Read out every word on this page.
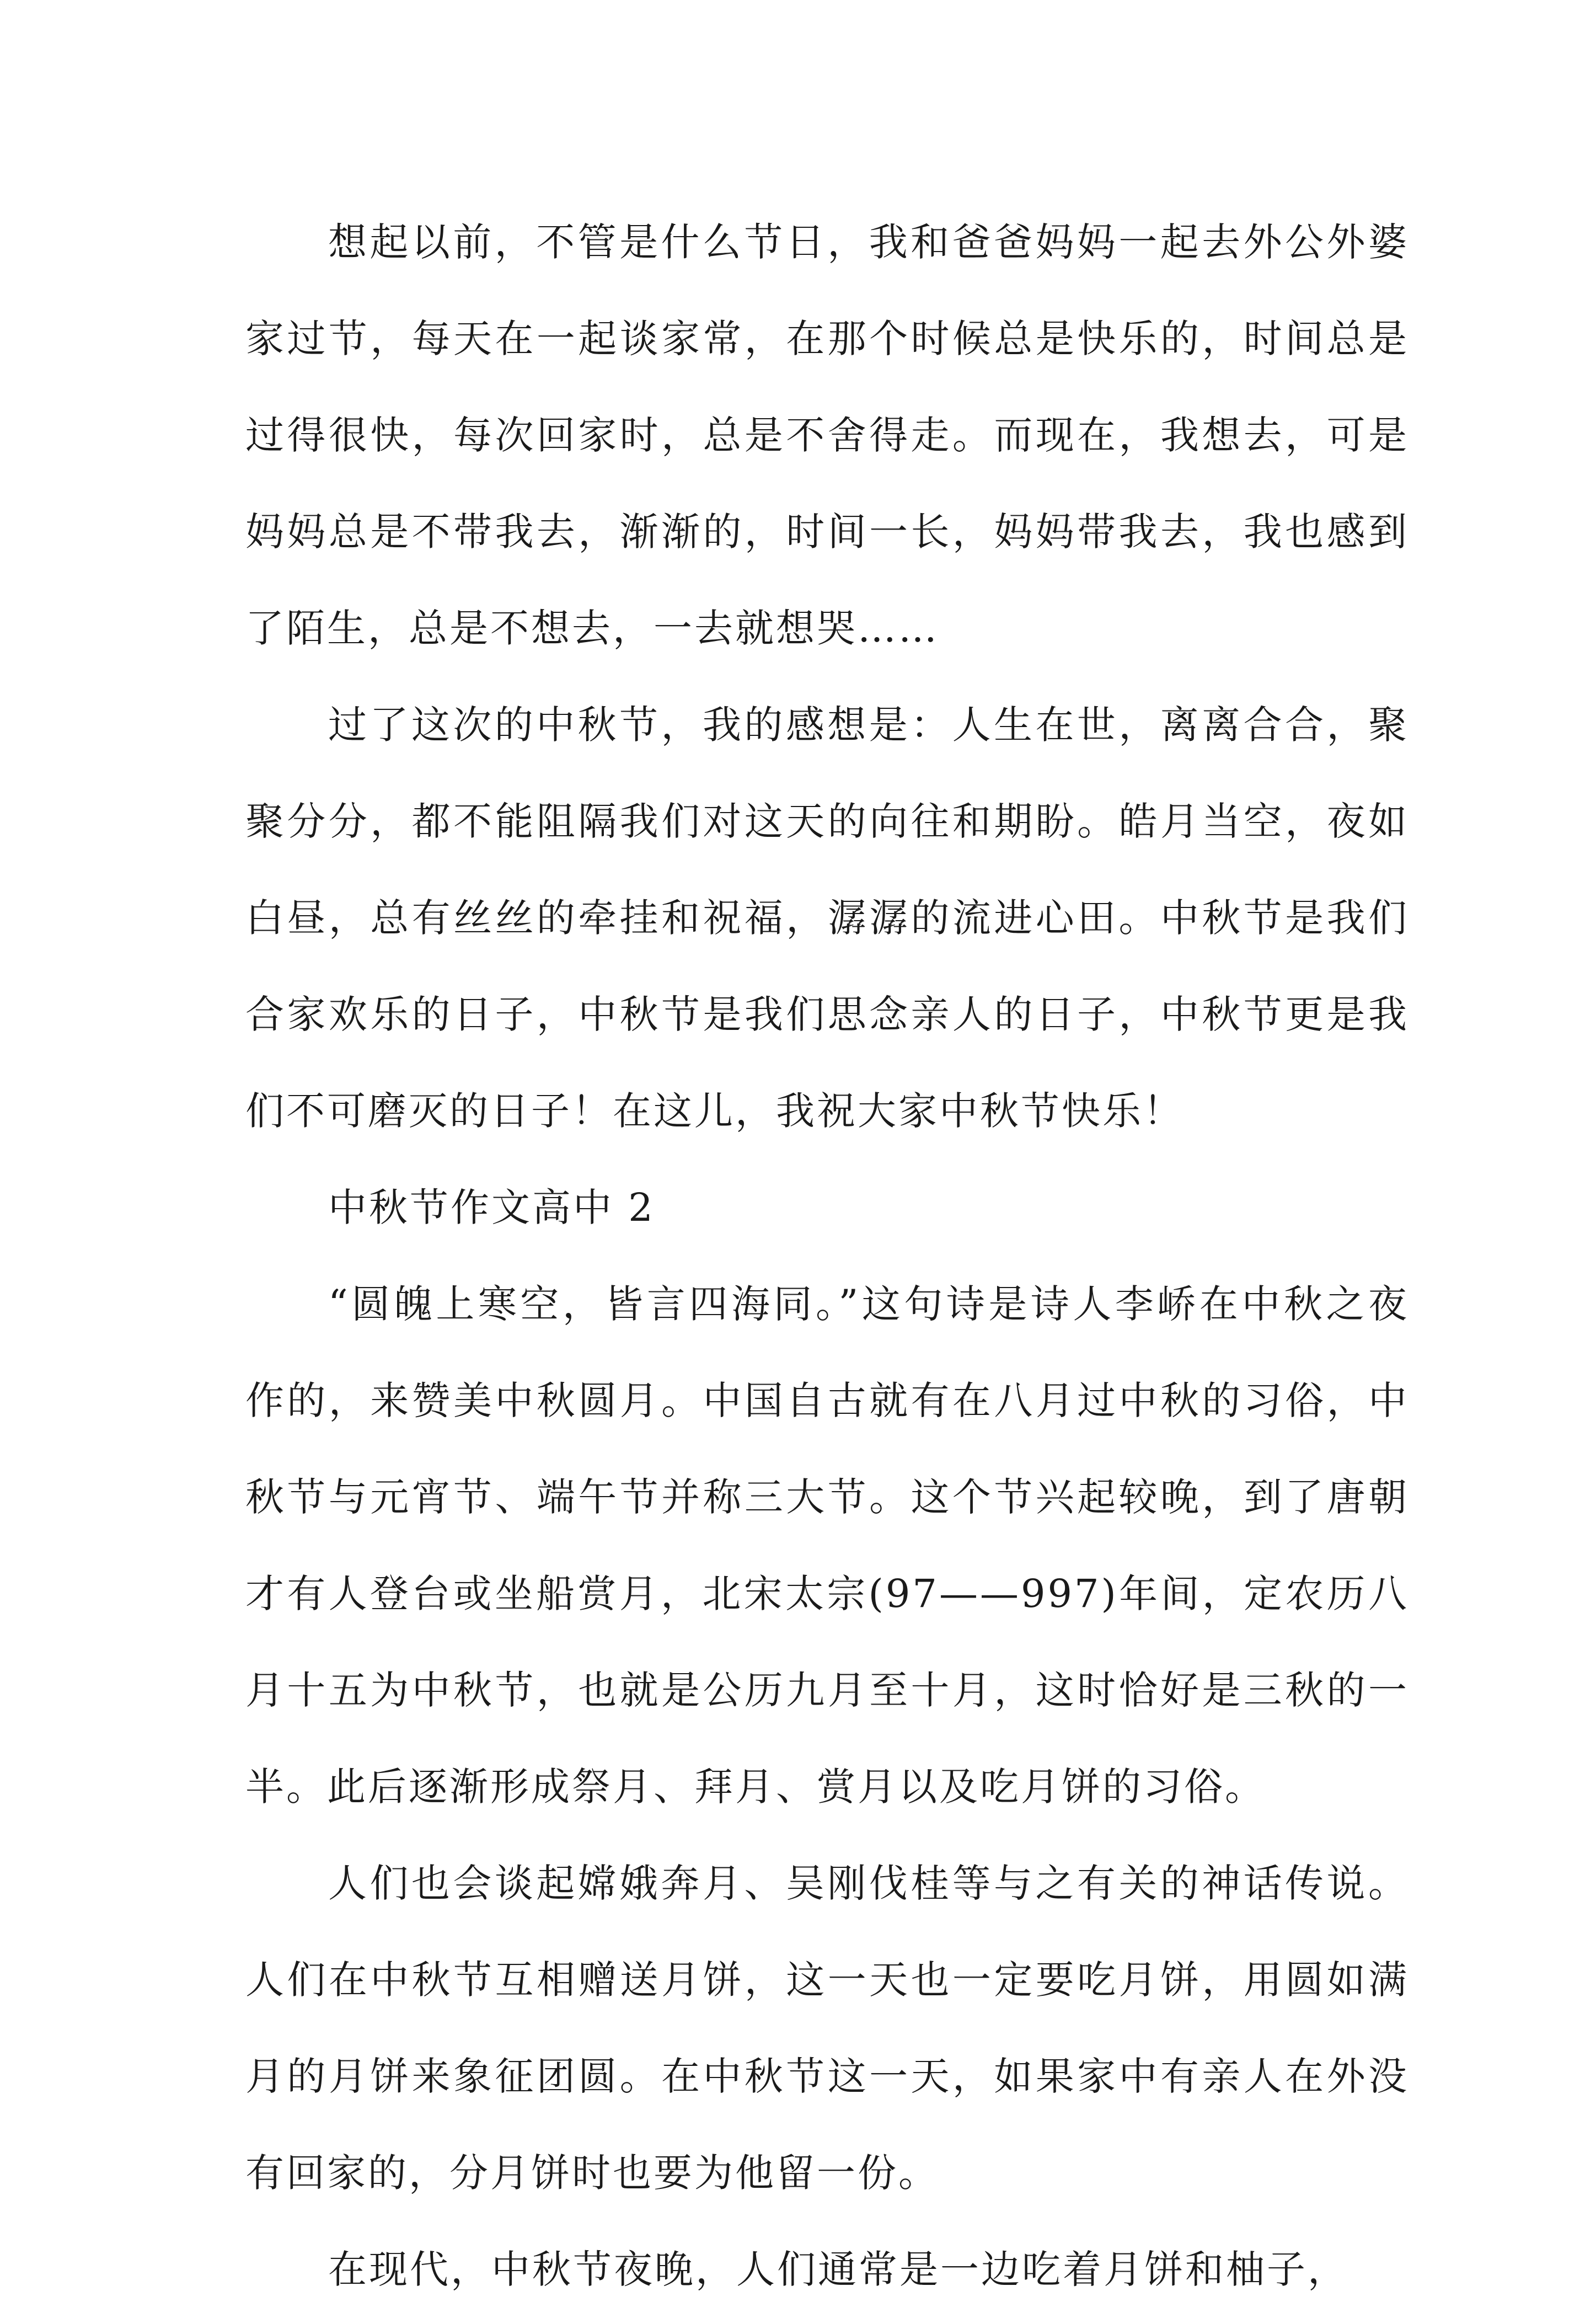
想起以前，不管是什么节日，我和爸爸妈妈一起去外公外婆家过节，每天在一起谈家常，在那个时候总是快乐的，时间总是过得很快，每次回家时，总是不舍得走。而现在，我想去，可是妈妈总是不带我去，渐渐的，时间一长，妈妈带我去，我也感到了陌生，总是不想去，一去就想哭……

过了这次的中秋节，我的感想是：人生在世，离离合合，聚聚分分，都不能阻隔我们对这天的向往和期盼。皓月当空，夜如白昼，总有丝丝的牵挂和祝福，潺潺的流进心田。中秋节是我们合家欢乐的日子，中秋节是我们思念亲人的日子，中秋节更是我们不可磨灭的日子！在这儿，我祝大家中秋节快乐！

中秋节作文高中 2

“圆魄上寒空，皆言四海同。”这句诗是诗人李峤在中秋之夜作的，来赞美中秋圆月。中国自古就有在八月过中秋的习俗，中秋节与元宵节、端午节并称三大节。这个节兴起较晚，到了唐朝才有人登台或坐船赏月，北宋太宗(97——997)年间，定农历八月十五为中秋节，也就是公历九月至十月，这时恰好是三秋的一半。此后逐渐形成祭月、拜月、赏月以及吃月饼的习俗。

人们也会谈起嫦娥奔月、吴刚伐桂等与之有关的神话传说。人们在中秋节互相赠送月饼，这一天也一定要吃月饼，用圆如满月的月饼来象征团圆。在中秋节这一天，如果家中有亲人在外没有回家的，分月饼时也要为他留一份。

在现代，中秋节夜晚，人们通常是一边吃着月饼和柚子，
